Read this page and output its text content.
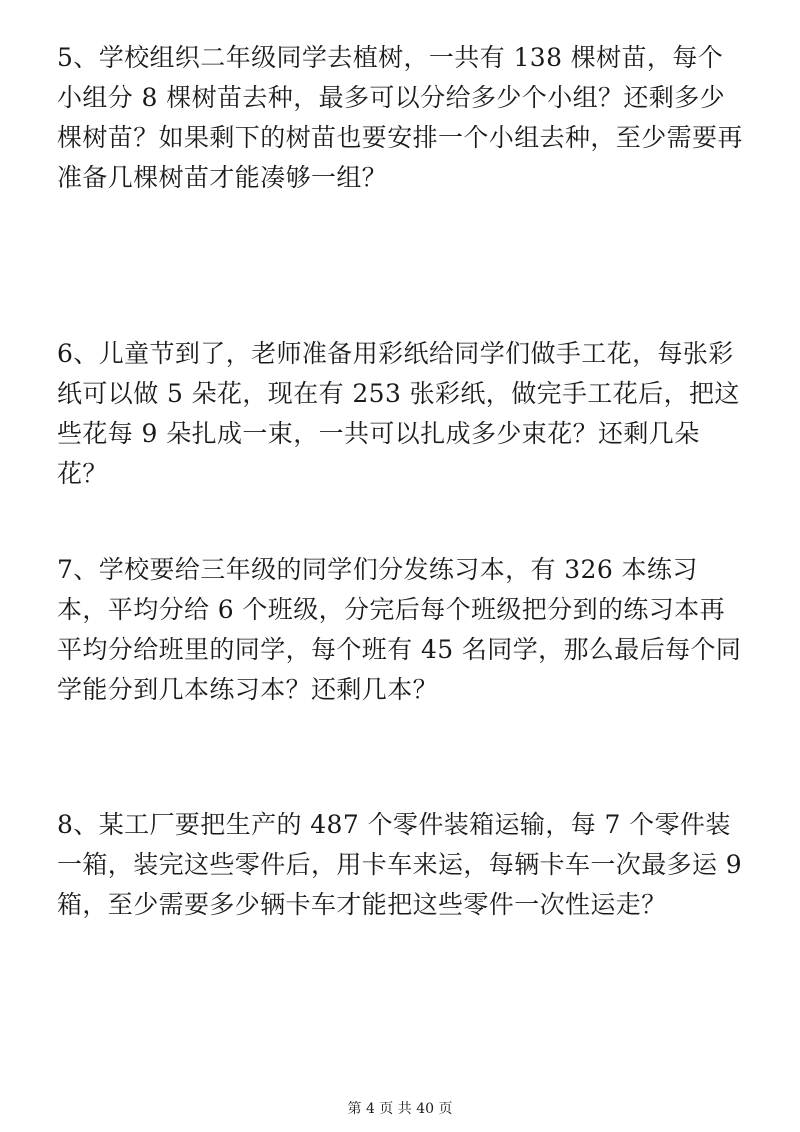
5、学校组织二年级同学去植树，一共有 138 棵树苗，每个小组分 8 棵树苗去种，最多可以分给多少个小组？还剩多少棵树苗？如果剩下的树苗也要安排一个小组去种，至少需要再准备几棵树苗才能凑够一组？

6、儿童节到了，老师准备用彩纸给同学们做手工花，每张彩纸可以做 5 朵花，现在有 253 张彩纸，做完手工花后，把这些花每 9 朵扎成一束，一共可以扎成多少束花？还剩几朵花？

7、学校要给三年级的同学们分发练习本，有 326 本练习本，平均分给 6 个班级，分完后每个班级把分到的练习本再平均分给班里的同学，每个班有 45 名同学，那么最后每个同学能分到几本练习本？还剩几本？

8、某工厂要把生产的 487 个零件装箱运输，每 7 个零件装一箱，装完这些零件后，用卡车来运，每辆卡车一次最多运 9 箱，至少需要多少辆卡车才能把这些零件一次性运走？

第 4 页 共 40 页
